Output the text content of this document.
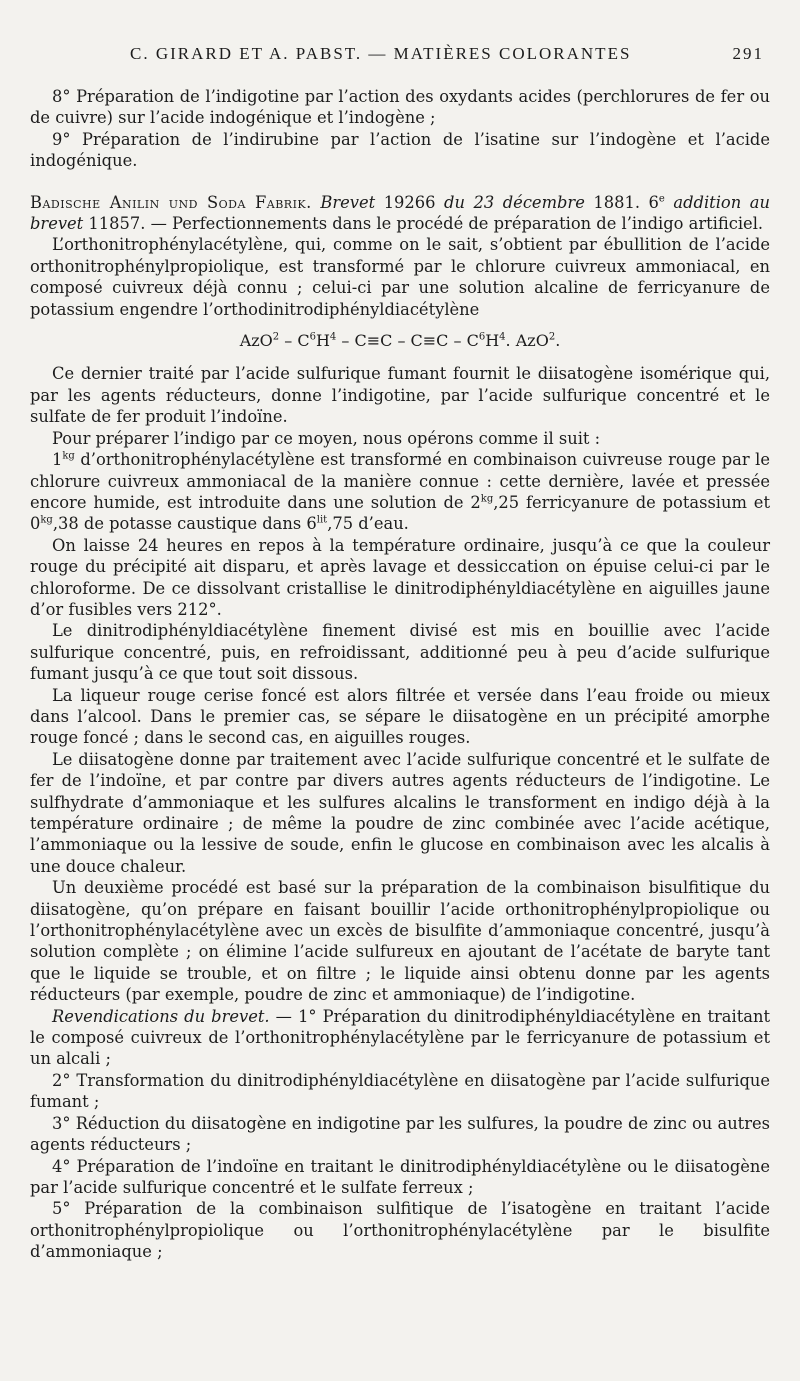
C. GIRARD ET A. PABST. — MATIÈRES COLORANTES	291

8° Préparation de l’indigotine par l’action des oxydants acides (perchlorures de fer ou de cuivre) sur l’acide indogénique et l’indogène ;

9° Préparation de l’indirubine par l’action de l’isatine sur l’indogène et l’acide indogénique.

Badische Anilin und Soda Fabrik. Brevet 19266 du 23 décembre 1881. 6e addition au brevet 11857. — Perfectionnements dans le procédé de préparation de l’indigo artificiel.

L’orthonitrophénylacétylène, qui, comme on le sait, s’obtient par ébullition de l’acide orthonitrophénylpropiolique, est transformé par le chlorure cuivreux ammoniacal, en composé cuivreux déjà connu ; celui-ci par une solution alcaline de ferricyanure de potassium engendre l’orthodinitrodiphényldiacétylène

$AzO^2 - C^6H^4 - C\equiv C - C\equiv C - C^6H^4$. AzO$^2$.

Ce dernier traité par l’acide sulfurique fumant fournit le diisatogène isomérique qui, par les agents réducteurs, donne l’indigotine, par l’acide sulfurique concentré et le sulfate de fer produit l’indoïne.

Pour préparer l’indigo par ce moyen, nous opérons comme il suit :

$1^{kg}$ d’orthonitrophénylacétylène est transformé en combinaison cuivreuse rouge par le chlorure cuivreux ammoniacal de la manière connue : cette dernière, lavée et pressée encore humide, est introduite dans une solution de $2^{kg},25$ ferricyanure de potassium et $0^{kg},38$ de potasse caustique dans $6^{lit},75$ d’eau.

On laisse 24 heures en repos à la température ordinaire, jusqu’à ce que la couleur rouge du précipité ait disparu, et après lavage et dessiccation on épuise celui-ci par le chloroforme. De ce dissolvant cristallise le dinitrodiphényldiacétylène en aiguilles jaune d’or fusibles vers 212°.

Le dinitrodiphényldiacétylène finement divisé est mis en bouillie avec l’acide sulfurique concentré, puis, en refroidissant, additionné peu à peu d’acide sulfurique fumant jusqu’à ce que tout soit dissous.

La liqueur rouge cerise foncé est alors filtrée et versée dans l’eau froide ou mieux dans l’alcool. Dans le premier cas, se sépare le diisatogène en un précipité amorphe rouge foncé ; dans le second cas, en aiguilles rouges.

Le diisatogène donne par traitement avec l’acide sulfurique concentré et le sulfate de fer de l’indoïne, et par contre par divers autres agents réducteurs de l’indigotine. Le sulfhydrate d’ammoniaque et les sulfures alcalins le transforment en indigo déjà à la température ordinaire ; de même la poudre de zinc combinée avec l’acide acétique, l’ammoniaque ou la lessive de soude, enfin le glucose en combinaison avec les alcalis à une douce chaleur.

Un deuxième procédé est basé sur la préparation de la combinaison bisulfitique du diisatogène, qu’on prépare en faisant bouillir l’acide orthonitrophénylpropiolique ou l’orthonitrophénylacétylène avec un excès de bisulfite d’ammoniaque concentré, jusqu’à solution complète ; on élimine l’acide sulfureux en ajoutant de l’acétate de baryte tant que le liquide se trouble, et on filtre ; le liquide ainsi obtenu donne par les agents réducteurs (par exemple, poudre de zinc et ammoniaque) de l’indigotine.

Revendications du brevet. — 1° Préparation du dinitrodiphényldiacétylène en traitant le composé cuivreux de l’orthonitrophénylacétylène par le ferricyanure de potassium et un alcali ;

2° Transformation du dinitrodiphényldiacétylène en diisatogène par l’acide sulfurique fumant ;

3° Réduction du diisatogène en indigotine par les sulfures, la poudre de zinc ou autres agents réducteurs ;

4° Préparation de l’indoïne en traitant le dinitrodiphényldiacétylène ou le diisatogène par l’acide sulfurique concentré et le sulfate ferreux ;

5° Préparation de la combinaison sulfitique de l’isatogène en traitant l’acide orthonitrophénylpropiolique ou l’orthonitrophénylacétylène par le bisulfite d’ammoniaque ;
